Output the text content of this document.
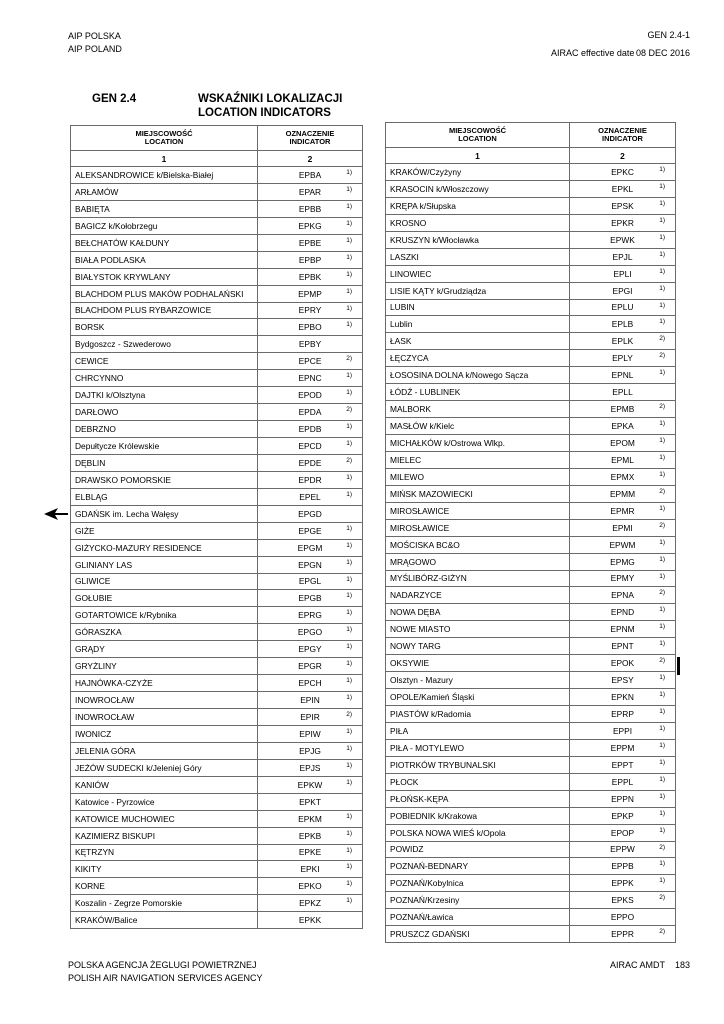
AIP POLSKA
AIP POLAND
GEN 2.4-1
AIRAC effective date 08 DEC 2016
GEN 2.4	WSKAŹNIKI LOKALIZACJI
LOCATION INDICATORS
MIEJSCOWOŚĆ
LOCATION	OZNACZENIE
INDICATOR

1	2
ALEKSANDROWICE k/Bielska-Białej	EPBA 1)

ARŁAMÓW	EPAR 1)

BABIĘTA	EPBB 1)

BAGICZ k/Kołobrzegu	EPKG 1)

BEŁCHATÓW KAŁDUNY	EPBE 1)

BIAŁA PODLASKA	EPBP 1)

BIAŁYSTOK KRYWLANY	EPBK 1)

BLACHDOM PLUS MAKÓW PODHALAŃSKI	EPMP 1)

BLACHDOM PLUS RYBARZOWICE	EPRY 1)

BORSK	EPBO 1)

Bydgoszcz - Szwederowo	EPBY

CEWICE	EPCE 2)

CHRCYNNO	EPNC 1)

DAJTKI k/Olsztyna	EPOD 1)

DARŁOWO	EPDA 2)

DEBRZNO	EPDB 1)

Depułtycze Królewskie	EPCD 1)

DĘBLIN	EPDE 2)

DRAWSKO POMORSKIE	EPDR 1)

ELBLĄG	EPEL 1)

GDAŃSK im. Lecha Wałęsy	EPGD

GIŻE	EPGE 1)

GIŻYCKO-MAZURY RESIDENCE	EPGM 1)

GLINIANY LAS	EPGN 1)

GLIWICE	EPGL 1)

GOŁUBIE	EPGB 1)

GOTARTOWICE k/Rybnika	EPRG 1)

GÓRASZKA	EPGO 1)

GRĄDY	EPGY 1)

GRYŻLINY	EPGR 1)

HAJNÓWKA-CZYŻE	EPCH 1)

INOWROCŁAW	EPIN 1)

INOWROCŁAW	EPIR 2)

IWONICZ	EPIW 1)

JELENIA GÓRA	EPJG 1)

JEŻÓW SUDECKI k/Jeleniej Góry	EPJS 1)

KANIÓW	EPKW 1)

Katowice - Pyrzowice	EPKT

KATOWICE MUCHOWIEC	EPKM 1)

KAZIMIERZ BISKUPI	EPKB 1)

KĘTRZYN	EPKE 1)

KIKITY	EPKI 1)

KORNE	EPKO 1)

Koszalin - Zegrze Pomorskie	EPKZ 1)

KRAKÓW/Balice	EPKK
MIEJSCOWOŚĆ
LOCATION	OZNACZENIE
INDICATOR

1	2
KRAKÓW/Czyżyny	EPKC 1)

KRASOCIN k/Włoszczowy	EPKL 1)

KRĘPA k/Słupska	EPSK 1)

KROSNO	EPKR 1)

KRUSZYN k/Włocławka	EPWK 1)

LASZKI	EPJL 1)

LINOWIEC	EPLI 1)

LISIE KĄTY k/Grudziądza	EPGI 1)

LUBIN	EPLU 1)

Lublin	EPLB 1)

ŁASK	EPLK 2)

ŁĘCZYCA	EPLY 2)

ŁOSOSINA DOLNA k/Nowego Sącza	EPNL 1)

ŁÓDŹ - LUBLINEK	EPLL

MALBORK	EPMB 2)

MASŁÓW k/Kielc	EPKA 1)

MICHAŁKÓW k/Ostrowa Wlkp.	EPOM 1)

MIELEC	EPML 1)

MILEWO	EPMX 1)

MIŃSK MAZOWIECKI	EPMM 2)

MIROSŁAWICE	EPMR 1)

MIROSŁAWICE	EPMI 2)

MOŚCISKA BC&O	EPWM 1)

MRĄGOWO	EPMG 1)

MYŚLIBÓRZ-GIŻYN	EPMY 1)

NADARZYCE	EPNA 2)

NOWA DĘBA	EPND 1)

NOWE MIASTO	EPNM 1)

NOWY TARG	EPNT 1)

OKSYWIE	EPOK 2)

Olsztyn - Mazury	EPSY 1)

OPOLE/Kamień Śląski	EPKN 1)

PIASTÓW k/Radomia	EPRP 1)

PIŁA	EPPI 1)

PIŁA - MOTYLEWO	EPPM 1)

PIOTRKÓW TRYBUNALSKI	EPPT 1)

PŁOCK	EPPL 1)

PŁOŃSK-KĘPA	EPPN 1)

POBIEDNIK k/Krakowa	EPKP 1)

POLSKA NOWA WIEŚ k/Opola	EPOP 1)

POWIDZ	EPPW 2)

POZNAŃ-BEDNARY	EPPB 1)

POZNAŃ/Kobylnica	EPPK 1)

POZNAŃ/Krzesiny	EPKS 2)

POZNAŃ/Ławica	EPPO

PRUSZCZ GDAŃSKI	EPPR 2)
POLSKA AGENCJA ŻEGLUGI POWIETRZNEJ
POLISH AIR NAVIGATION SERVICES AGENCY
AIRAC AMDT 183
